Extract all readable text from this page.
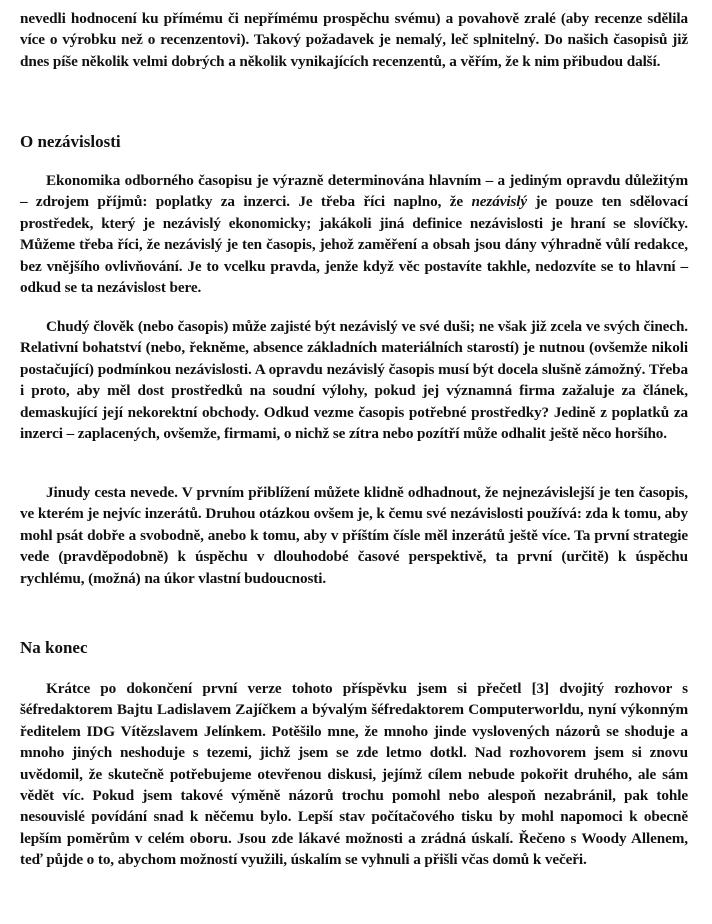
nevedli hodnocení ku přímému či nepřímému prospěchu svému) a povahově zralé (aby recenze sdělila více o výrobku než o recenzentovi). Takový požadavek je nemalý, leč splnitelný. Do našich časopisů již dnes píše několik velmi dobrých a několik vynikajících recenzentů, a věřím, že k nim přibudou další.

O nezávislosti

Ekonomika odborného časopisu je výrazně determinována hlavním – a jediným opravdu důležitým – zdrojem příjmů: poplatky za inzerci. Je třeba říci naplno, že nezávislý je pouze ten sdělovací prostředek, který je nezávislý ekonomicky; jakákoli jiná definice nezávislosti je hraní se slovíčky. Můžeme třeba říci, že nezávislý je ten časopis, jehož zaměření a obsah jsou dány výhradně vůlí redakce, bez vnějšího ovlivňování. Je to vcelku pravda, jenže když věc postavíte takhle, nedozvíte se to hlavní – odkud se ta nezávislost bere.

Chudý člověk (nebo časopis) může zajisté být nezávislý ve své duši; ne však již zcela ve svých činech. Relativní bohatství (nebo, řekněme, absence základních materiálních starostí) je nutnou (ovšemže nikoli postačující) podmínkou nezávislosti. A opravdu nezávislý časopis musí být docela slušně zámožný. Třeba i proto, aby měl dost prostředků na soudní výlohy, pokud jej významná firma zažaluje za článek, demaskující její nekorektní obchody. Odkud vezme časopis potřebné prostředky? Jedině z poplatků za inzerci – zaplacených, ovšemže, firmami, o nichž se zítra nebo pozítří může odhalit ještě něco horšího.

Jinudy cesta nevede. V prvním přiblížení můžete klidně odhadnout, že nejnezávislejší je ten časopis, ve kterém je nejvíc inzerátů. Druhou otázkou ovšem je, k čemu své nezávislosti používá: zda k tomu, aby mohl psát dobře a svobodně, anebo k tomu, aby v příštím čísle měl inzerátů ještě více. Ta první strategie vede (pravděpodobně) k úspěchu v dlouhodobé časové perspektivě, ta první (určitě) k úspěchu rychlému, (možná) na úkor vlastní budoucnosti.

Na konec

Krátce po dokončení první verze tohoto příspěvku jsem si přečetl [3] dvojitý rozhovor s šéfredaktorem Bajtu Ladislavem Zajíčkem a bývalým šéfredaktorem Computerworldu, nyní výkonným ředitelem IDG Vítězslavem Jelínkem. Potěšilo mne, že mnoho jinde vyslovených názorů se shoduje a mnoho jiných neshoduje s tezemi, jichž jsem se zde letmo dotkl. Nad rozhovorem jsem si znovu uvědomil, že skutečně potřebujeme otevřenou diskusi, jejímž cílem nebude pokořit druhého, ale sám vědět víc. Pokud jsem takové výměně názorů trochu pomohl nebo alespoň nezabránil, pak tohle nesouvislé povídání snad k něčemu bylo. Lepší stav počítačového tisku by mohl napomoci k obecně lepším poměrům v celém oboru. Jsou zde lákavé možnosti a zrádná úskalí. Řečeno s Woody Allenem, teď půjde o to, abychom možností využili, úskalím se vyhnuli a přišli včas domů k večeři.
